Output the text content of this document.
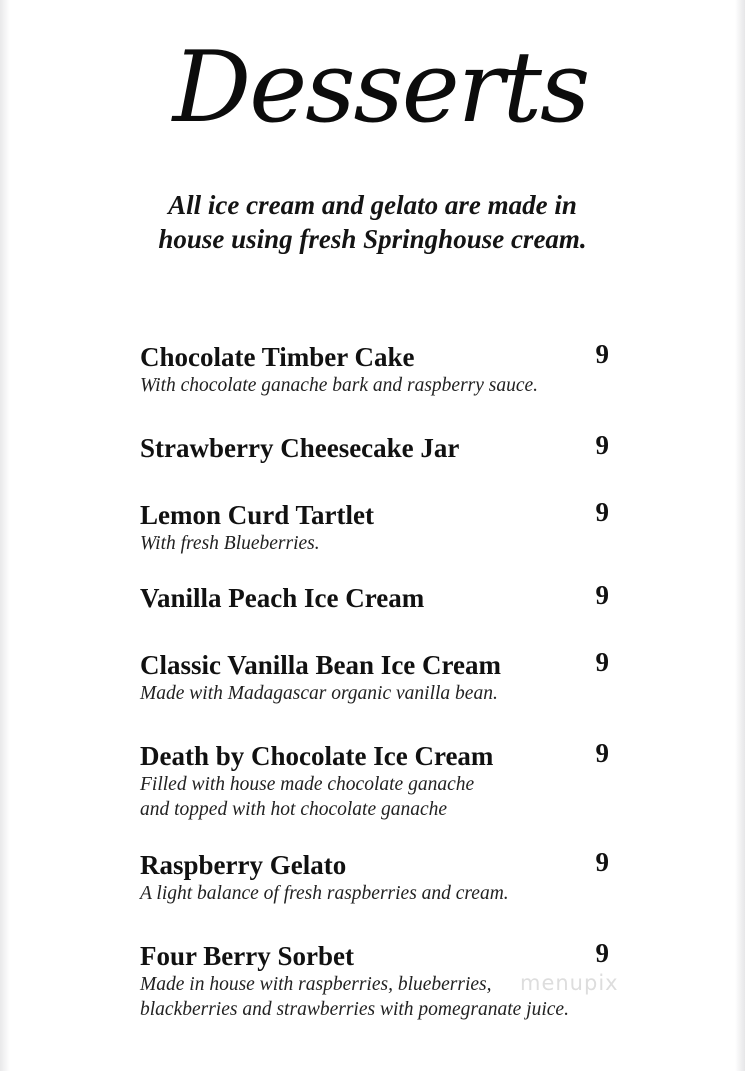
Desserts
All ice cream and gelato are made in
house using fresh Springhouse cream.
Chocolate Timber Cake	9
With chocolate ganache bark and raspberry sauce.
Strawberry Cheesecake Jar	9
Lemon Curd Tartlet	9
With fresh Blueberries.
Vanilla Peach Ice Cream	9
Classic Vanilla Bean Ice Cream	9
Made with Madagascar organic vanilla bean.
Death by Chocolate Ice Cream	9
Filled with house made chocolate ganache
and topped with hot chocolate ganache
Raspberry Gelato	9
A light balance of fresh raspberries and cream.
Four Berry Sorbet	9
Made in house with raspberries, blueberries,
blackberries and strawberries with pomegranate juice.
menupix
